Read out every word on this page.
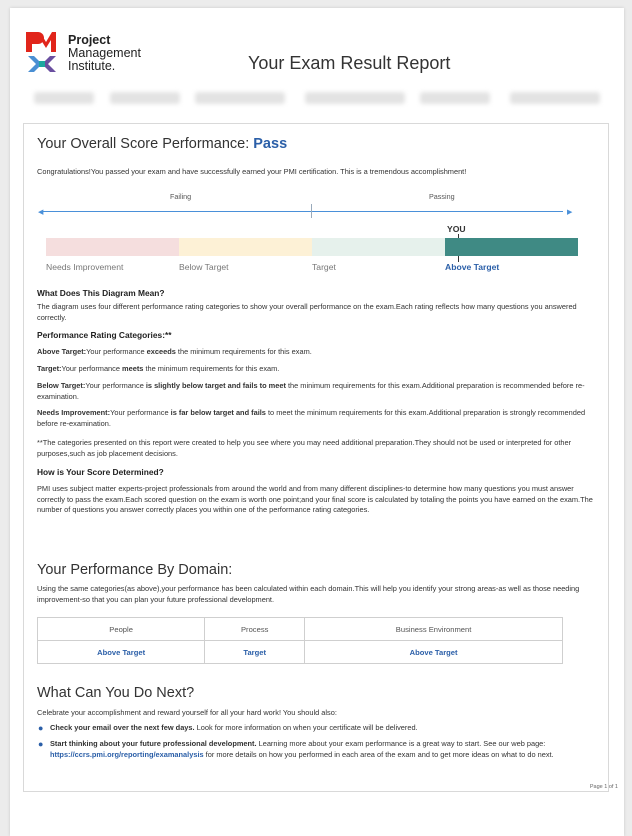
Project
Management
Institute.	Your Exam Result Report
Your Overall Score Performance: Pass
Congratulations!You passed your exam and have successfully earned your PMI certification. This is a tremendous accomplishment!
Failing	Passing
◀	▶
YOU
Needs Improvement	Below Target	Target	Above Target
What Does This Diagram Mean?
The diagram uses four different performance rating categories to show your overall performance on the exam.Each rating reflects how many questions you answered correctly.
Performance Rating Categories:**
Above Target:Your performance exceeds the minimum requirements for this exam.
Target:Your performance meets the minimum requirements for this exam.
Below Target:Your performance is slightly below target and fails to meet the minimum requirements for this exam.Additional preparation is recommended before re-examination.
Needs Improvement:Your performance is far below target and fails to meet the minimum requirements for this exam.Additional preparation is strongly recommended before re-examination.
**The categories presented on this report were created to help you see where you may need additional preparation.They should not be used or interpreted for other purposes,such as job placement decisions.
How is Your Score Determined?
PMI uses subject matter experts-project professionals from around the world and from many different disciplines-to determine how many questions you must answer correctly to pass the exam.Each scored question on the exam is worth one point;and your final score is calculated by totaling the points you have earned on the exam.The number of questions you answer correctly places you within one of the performance rating categories.
Your Performance By Domain:
Using the same categories(as above),your performance has been calculated within each domain.This will help you identify your strong areas-as well as those needing improvement-so that you can plan your future professional development.
People	Process	Business Environment
Above Target	Target	Above Target
What Can You Do Next?
Celebrate your accomplishment and reward yourself for all your hard work! You should also:
● Check your email over the next few days. Look for more information on when your certificate will be delivered.
● Start thinking about your future professional development. Learning more about your exam performance is a great way to start. See our web page: https://ccrs.pmi.org/reporting/examanalysis for more details on how you performed in each area of the exam and to get more ideas on what to do next.
Page 1 of 1
